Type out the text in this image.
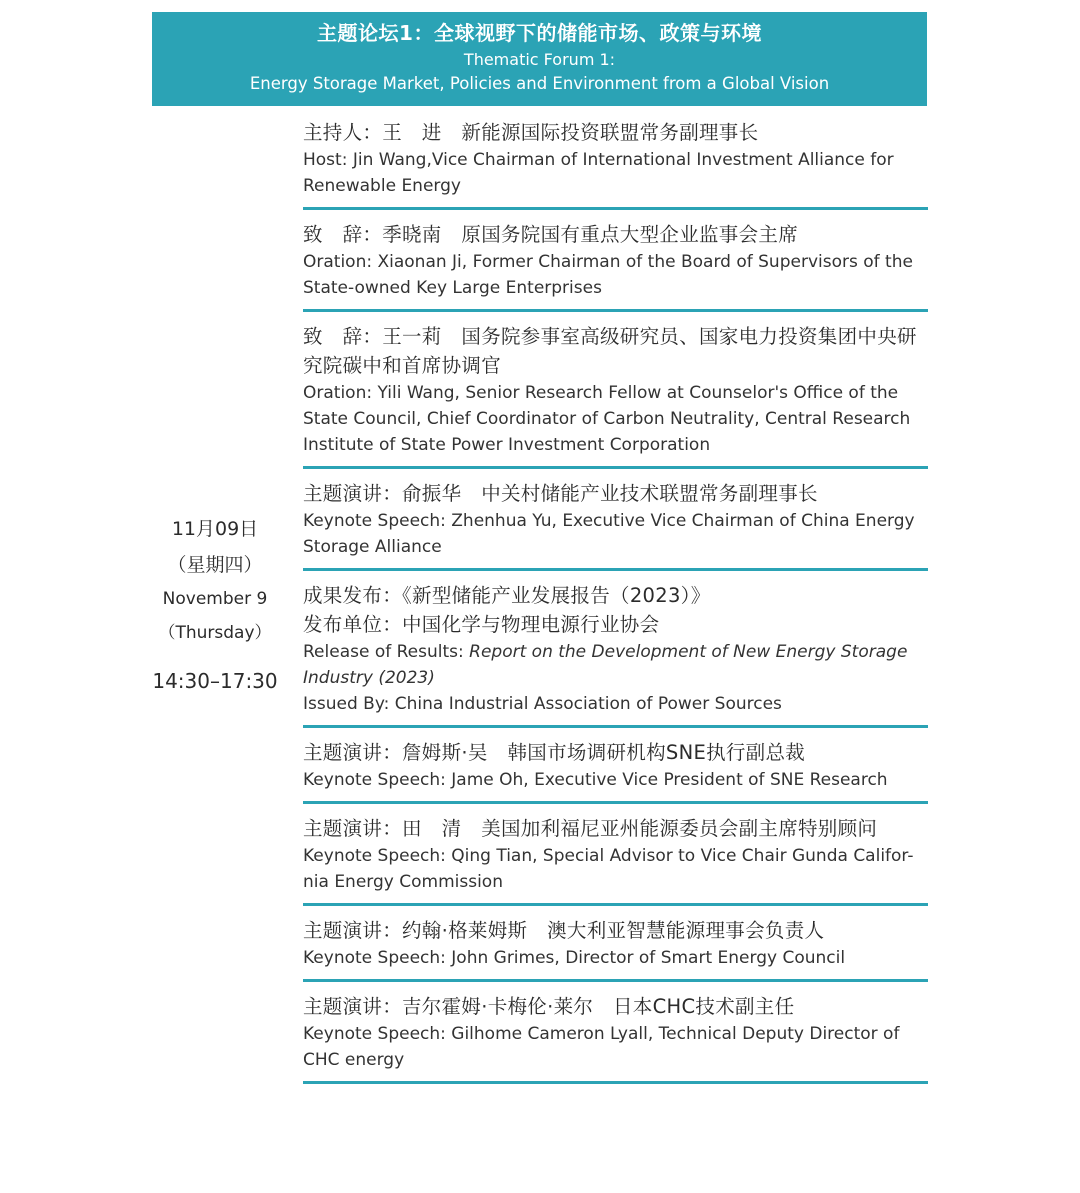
主题论坛1：全球视野下的储能市场、政策与环境
Thematic Forum 1:
Energy Storage Market, Policies and Environment from a Global Vision
11月09日
（星期四）
November 9
（Thursday）
14:30–17:30
主持人：王　进　新能源国际投资联盟常务副理事长
Host: Jin Wang,Vice Chairman of International Investment Alliance for Renewable Energy
致　辞：季晓南　原国务院国有重点大型企业监事会主席
Oration: Xiaonan Ji, Former Chairman of the Board of Supervisors of the State-owned Key Large Enterprises
致　辞：王一莉　国务院参事室高级研究员、国家电力投资集团中央研究院碳中和首席协调官
Oration: Yili Wang, Senior Research Fellow at Counselor's Office of the State Council, Chief Coordinator of Carbon Neutrality, Central Research Institute of State Power Investment Corporation
主题演讲：俞振华　中关村储能产业技术联盟常务副理事长
Keynote Speech: Zhenhua Yu, Executive Vice Chairman of China Energy Storage Alliance
成果发布：《新型储能产业发展报告（2023）》
发布单位：中国化学与物理电源行业协会
Release of Results: Report on the Development of New Energy Storage Industry (2023)
Issued By: China Industrial Association of Power Sources
主题演讲：詹姆斯·吴　韩国市场调研机构SNE执行副总裁
Keynote Speech: Jame Oh, Executive Vice President of SNE Research
主题演讲：田　清　美国加利福尼亚州能源委员会副主席特别顾问
Keynote Speech: Qing Tian, Special Advisor to Vice Chair Gunda Califor-nia Energy Commission
主题演讲：约翰·格莱姆斯　澳大利亚智慧能源理事会负责人
Keynote Speech: John Grimes, Director of Smart Energy Council
主题演讲：吉尔霍姆·卡梅伦·莱尔　日本CHC技术副主任
Keynote Speech: Gilhome Cameron Lyall, Technical Deputy Director of CHC energy
